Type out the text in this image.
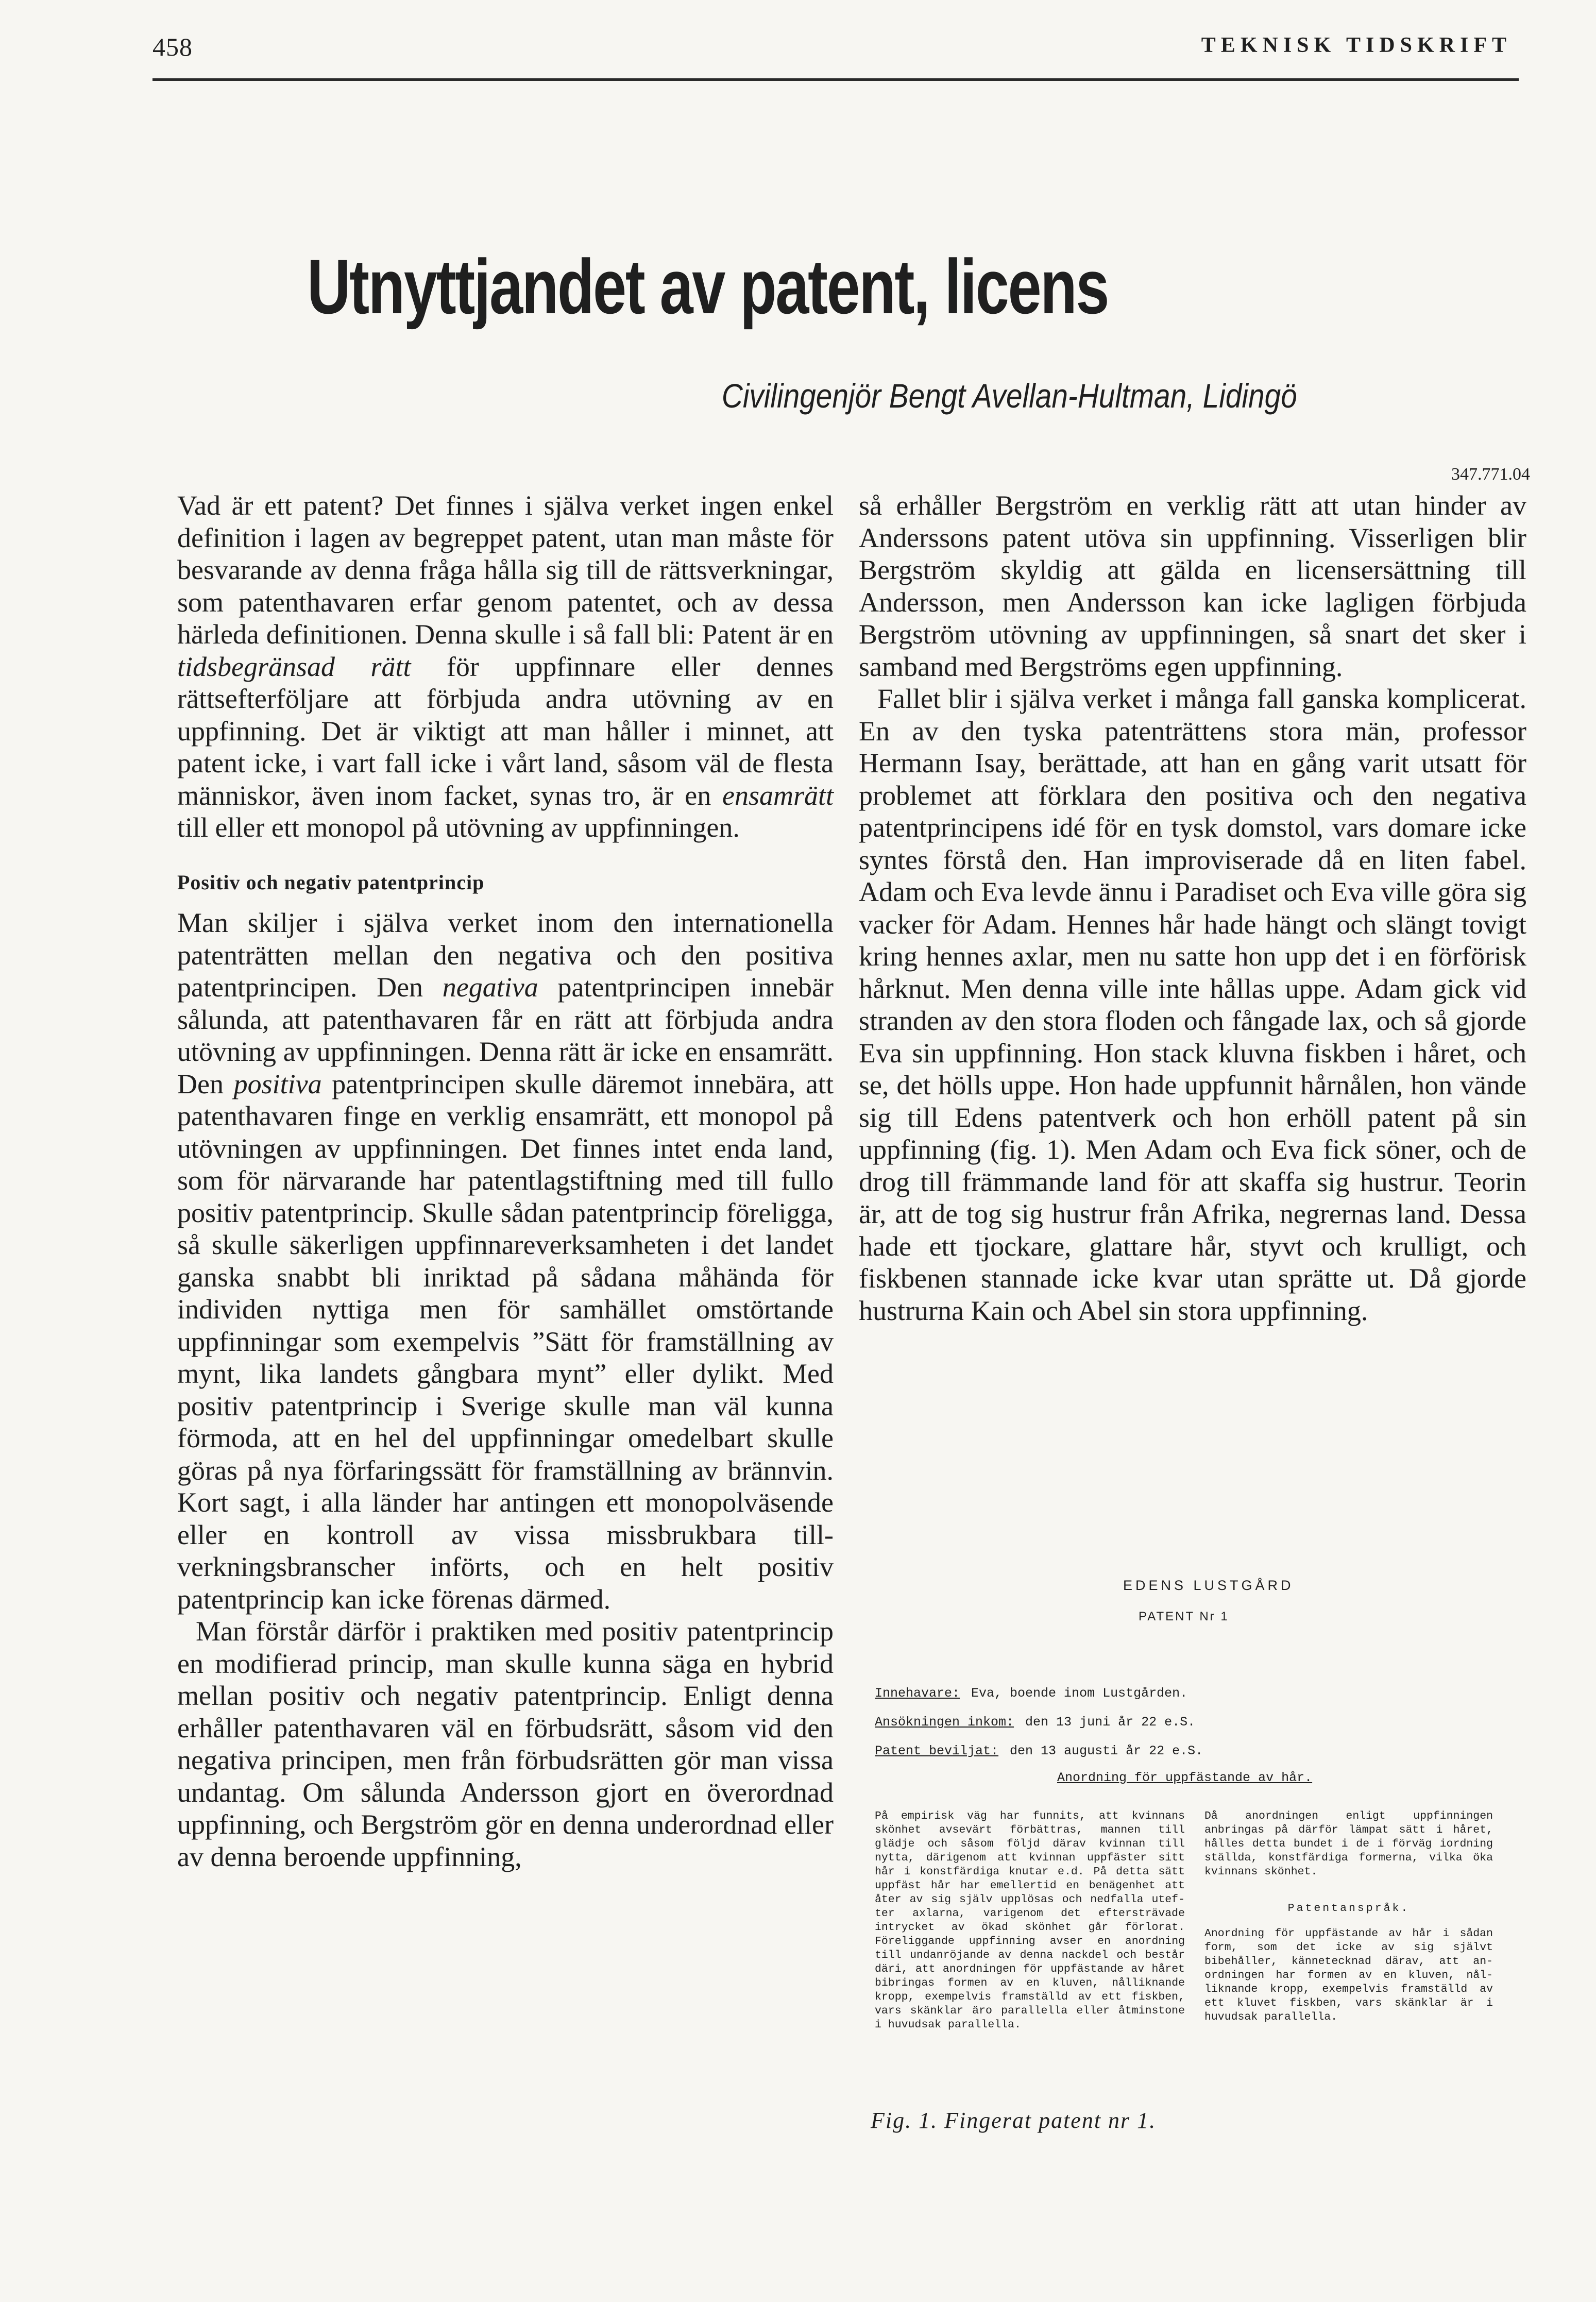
458	TEKNISK TIDSKRIFT
Utnyttjandet av patent, licens
Civilingenjör Bengt Avellan-Hultman, Lidingö
347.771.04

Vad är ett patent? Det finnes i själva verket ingen enkel definition i lagen av begreppet patent, utan man måste för besvarande av denna fråga hålla sig till de rättsverkningar, som patenthavaren erfar genom patentet, och av dessa härleda definitionen. Denna skulle i så fall bli: Patent är en tidsbegränsad rätt för uppfinnare eller dennes rättsefterföljare att förbjuda andra utövning av en uppfinning. Det är viktigt att man håller i minnet, att patent icke, i vart fall icke i vårt land, såsom väl de flesta människor, även inom facket, synas tro, är en ensamrätt till eller ett monopol på utövning av uppfinningen.

Positiv och negativ patentprincip

Man skiljer i själva verket inom den internationella patenträtten mellan den negativa och den positiva patentprincipen. Den negativa patentprincipen innebär sålunda, att patenthavaren får en rätt att förbjuda andra utövning av uppfinningen. Denna rätt är icke en ensamrätt. Den positiva patentprincipen skulle däremot innebära, att patenthavaren finge en verklig ensamrätt, ett monopol på utövningen av uppfinningen. Det finnes intet enda land, som för närvarande har patentlagstiftning med till fullo positiv patentprincip. Skulle sådan patentprincip föreligga, så skulle säkerligen uppfinnareverksamheten i det landet ganska snabbt bli inriktad på sådana måhända för individen nyttiga men för samhället omstörtande uppfinningar som exempelvis ”Sätt för framställning av mynt, lika landets gångbara mynt” eller dylikt. Med positiv patentprincip i Sverige skulle man väl kunna förmoda, att en hel del uppfinningar omedelbart skulle göras på nya förfaringssätt för framställning av brännvin. Kort sagt, i alla länder har antingen ett monopolväsende eller en kontroll av vissa missbrukbara tillverkningsbranscher införts, och en helt positiv patentprincip kan icke förenas därmed.

Man förstår därför i praktiken med positiv patentprincip en modifierad princip, man skulle kunna säga en hybrid mellan positiv och negativ patentprincip. Enligt denna erhåller patenthavaren väl en förbudsrätt, såsom vid den negativa principen, men från förbudsrätten gör man vissa undantag. Om sålunda Andersson gjort en överordnad uppfinning, och Bergström gör en denna underordnad eller av denna beroende uppfinning,

så erhåller Bergström en verklig rätt att utan hinder av Anderssons patent utöva sin uppfinning. Visserligen blir Bergström skyldig att gälda en licensersättning till Andersson, men Andersson kan icke lagligen förbjuda Bergström utövning av uppfinningen, så snart det sker i samband med Bergströms egen uppfinning.

Fallet blir i själva verket i många fall ganska komplicerat. En av den tyska patenträttens stora män, professor Hermann Isay, berättade, att han en gång varit utsatt för problemet att förklara den positiva och den negativa patentprincipens idé för en tysk domstol, vars domare icke syntes förstå den. Han improviserade då en liten fabel. Adam och Eva levde ännu i Paradiset och Eva ville göra sig vacker för Adam. Hennes hår hade hängt och slängt tovigt kring hennes axlar, men nu satte hon upp det i en förförisk hårknut. Men denna ville inte hållas uppe. Adam gick vid stranden av den stora floden och fångade lax, och så gjorde Eva sin uppfinning. Hon stack kluvna fiskben i håret, och se, det hölls uppe. Hon hade uppfunnit hårnålen, hon vände sig till Edens patentverk och hon erhöll patent på sin uppfinning (fig. 1). Men Adam och Eva fick söner, och de drog till främmande land för att skaffa sig hustrur. Teorin är, att de tog sig hustrur från Afrika, negrernas land. Dessa hade ett tjockare, glattare hår, styvt och krulligt, och fiskbenen stannade icke kvar utan sprätte ut. Då gjorde hustrurna Kain och Abel sin stora uppfinning.

EDENS LUSTGÅRD
PATENT Nr 1
Innehavare: Eva, boende inom Lustgården.
Ansökningen inkom: den 13 juni år 22 e.S.
Patent beviljat: den 13 augusti år 22 e.S.
Anordning för uppfästande av hår.

På empirisk väg har funnits, att kvinnans skönhet avsevärt förbättras, mannen till glädje och såsom följd därav kvinnan till nytta, därigenom att kvinnan uppfäster sitt hår i konstfärdiga knutar e.d. På detta sätt uppfäst hår har emellertid en benägenhet att åter av sig själv upplösas och nedfalla utefter axlarna, varigenom det eftersträvade intrycket av ökad skönhet går förlorat. Föreliggande uppfinning avser en anordning till undanröjande av denna nackdel och består däri, att anordningen för uppfästande av håret bibringas formen av en kluven, nålliknande kropp, exempelvis framställd av ett fiskben, vars skänklar äro parallella eller åtminstone i huvudsak parallella.

Då anordningen enligt uppfinningen anbringas på därför lämpat sätt i håret, hålles detta bundet i de i förväg iordning ställda, konstfärdiga formerna, vilka öka kvinnans skönhet.

Patentanspråk.

Anordning för uppfästande av hår i sådan form, som det icke av sig självt bibehåller, kännetecknad därav, att anordningen har formen av en kluven, nålliknande kropp, exempelvis framställd av ett kluvet fiskben, vars skänklar är i huvudsak parallella.

Fig. 1. Fingerat patent nr 1.
